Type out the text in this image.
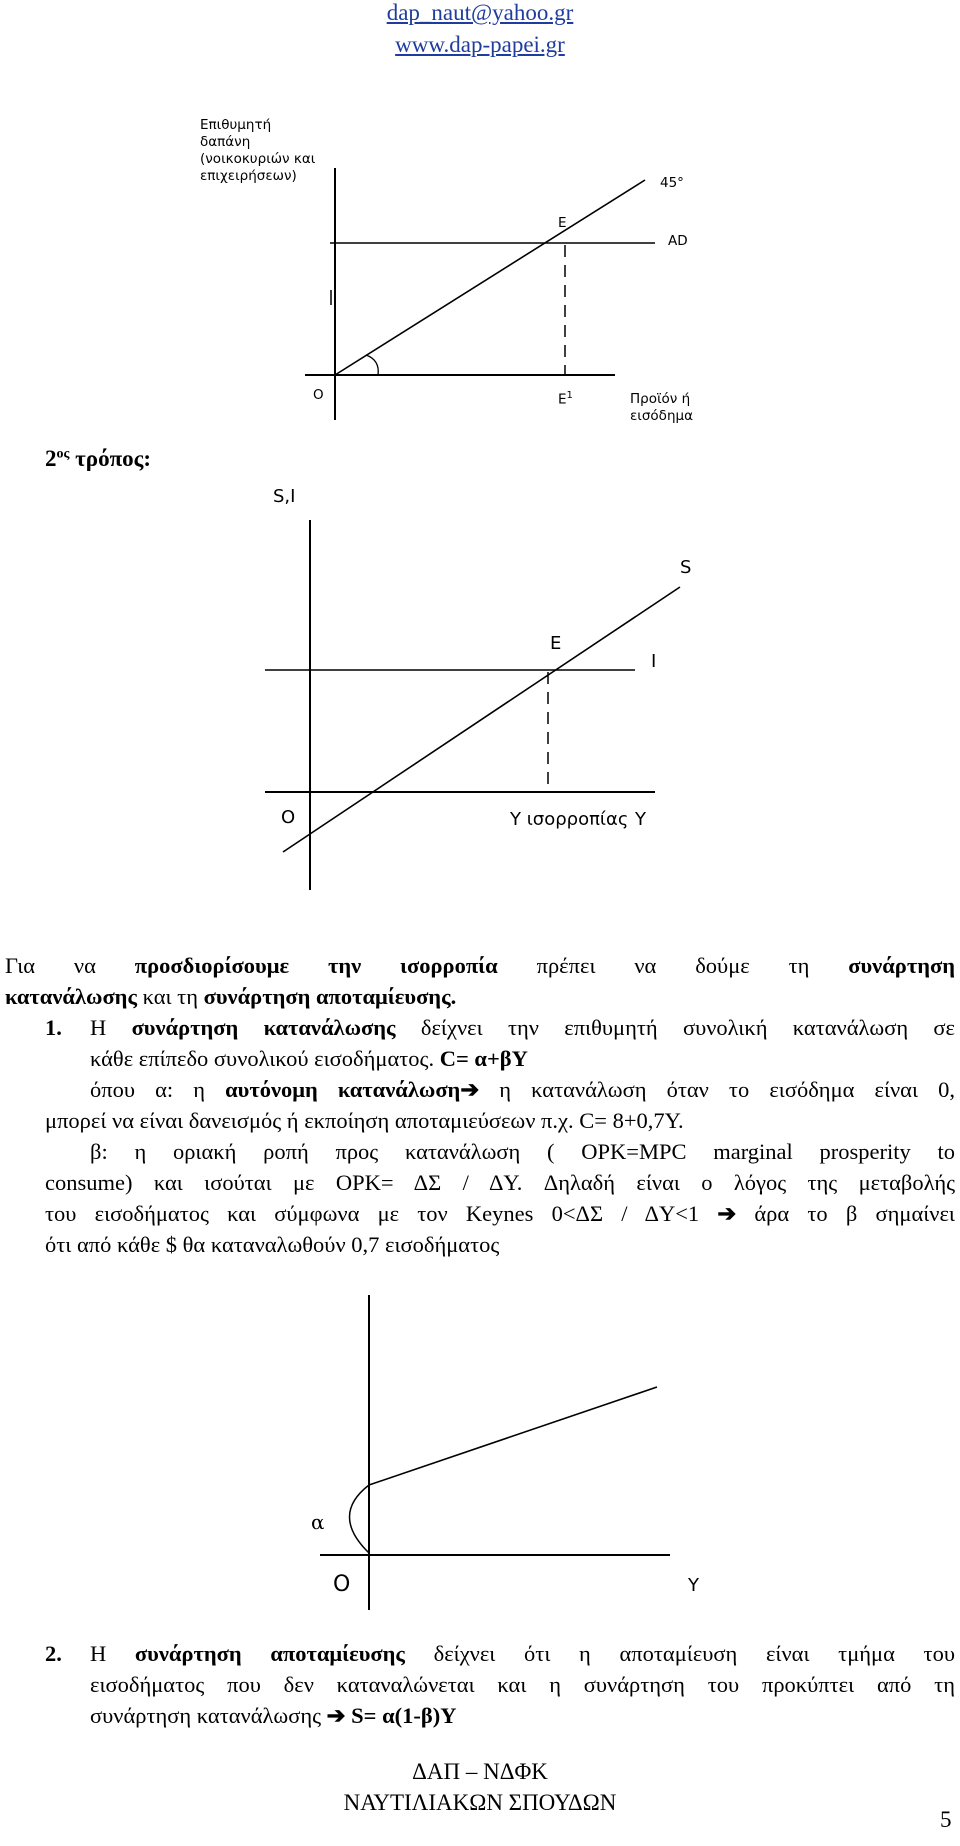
dap_naut@yahoo.gr
www.dap-papei.gr
Επιθυμητή
δαπάνη
(νοικοκυριών και
επιχειρήσεων)	45°
E
AD
O	$E^1$	Προϊόν ή
εισόδημα
$2^{o\varsigma}$ τρόπος:
S,I
S
E
I
O	Y ισορροπίας Y
Για να προσδιορίσουμε την ισορροπία πρέπει να δούμε τη συνάρτηση
κατανάλωσης και τη συνάρτηση αποταμίευσης.
1.	Η συνάρτηση κατανάλωσης δείχνει την επιθυμητή συνολική κατανάλωση σε
κάθε επίπεδο συνολικού εισοδήματος. C= α+βY
όπου α: η αυτόνομη κατανάλωση➔ η κατανάλωση όταν το εισόδημα είναι 0,
μπορεί να είναι δανεισμός ή εκποίηση αποταμιεύσεων π.χ. C= 8+0,7Y.
β: η οριακή ροπή προς κατανάλωση ( ΟΡΚ=MPC marginal prosperity to
consume) και ισούται με ΟΡΚ= ΔΣ / ΔY. Δηλαδή είναι ο λόγος της μεταβολής
του εισοδήματος και σύμφωνα με τον Keynes 0<ΔΣ / ΔY<1 ➔ άρα το β σημαίνει
ότι από κάθε $ θα καταναλωθούν 0,7 εισοδήματος
α
O	Y
2.	Η συνάρτηση αποταμίευσης δείχνει ότι η αποταμίευση είναι τμήμα του
εισοδήματος που δεν καταναλώνεται και η συνάρτηση του προκύπτει από τη
συνάρτηση κατανάλωσης ➔ S= α(1-β)Y
ΔΑΠ – ΝΔΦΚ
ΝΑΥΤΙΛΙΑΚΩΝ ΣΠΟΥΔΩΝ
5
